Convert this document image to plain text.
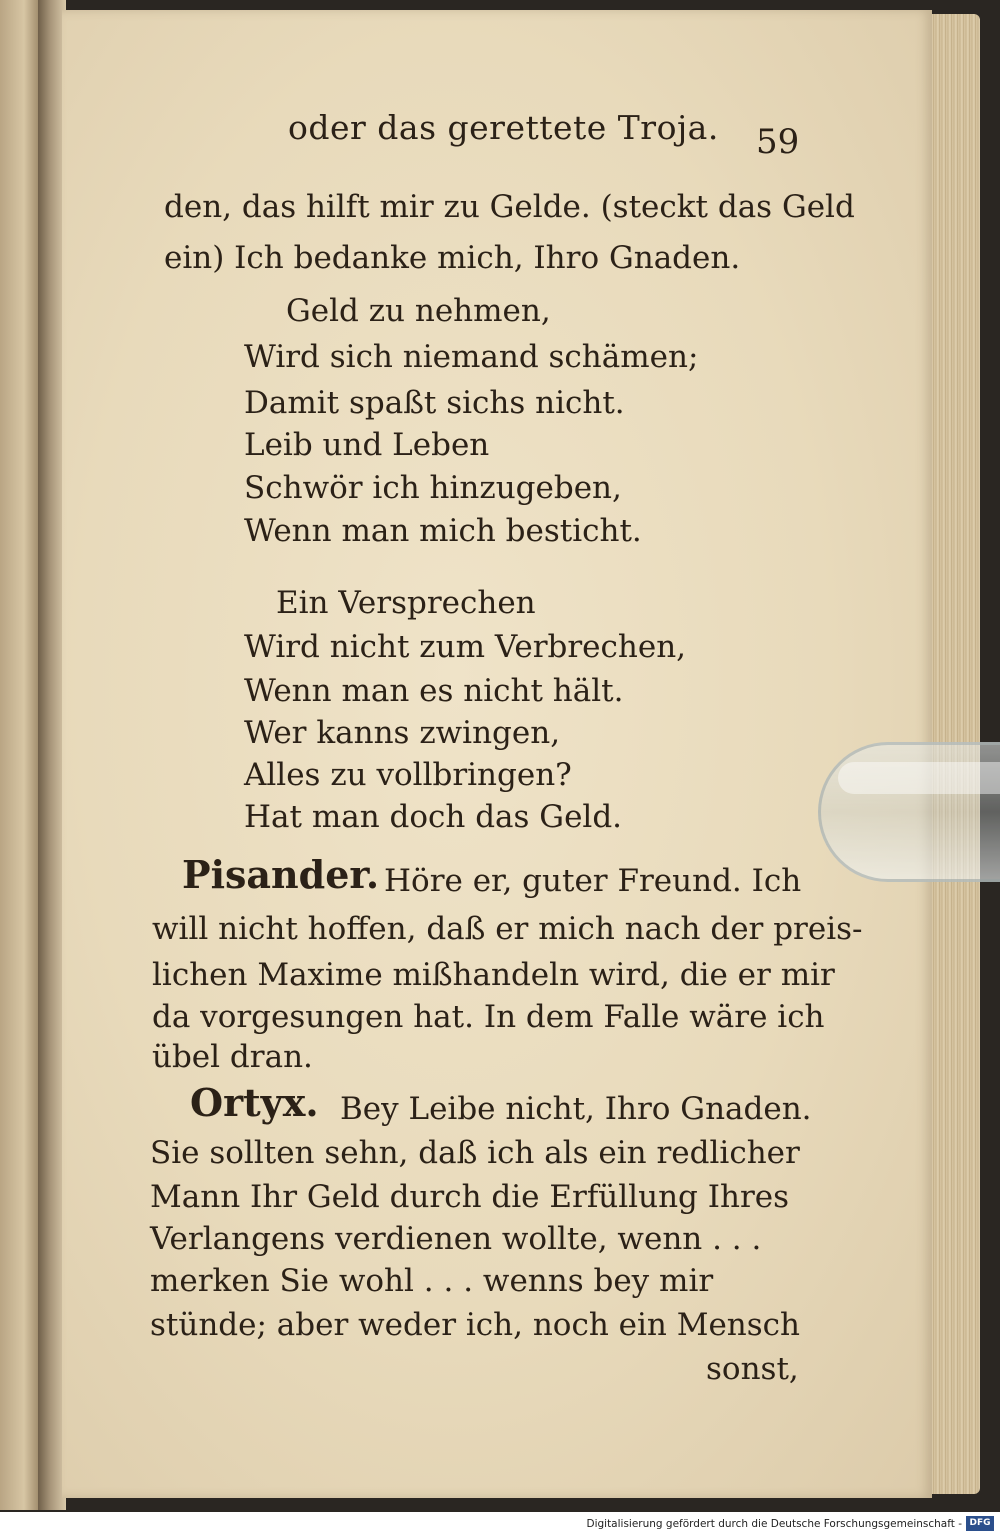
oder das gerettete Troja. 59
den, das hilft mir zu Gelde. (steckt das Geld
ein) Ich bedanke mich, Ihro Gnaden.
Geld zu nehmen,
Wird sich niemand schämen;
Damit spaßt sichs nicht.
Leib und Leben
Schwör ich hinzugeben,
Wenn man mich besticht.
Ein Versprechen
Wird nicht zum Verbrechen,
Wenn man es nicht hält.
Wer kanns zwingen,
Alles zu vollbringen?
Hat man doch das Geld.
Pisander. Höre er, guter Freund. Ich
will nicht hoffen, daß er mich nach der preis-
lichen Maxime mißhandeln wird, die er mir
da vorgesungen hat. In dem Falle wäre ich
übel dran.
Ortyx. Bey Leibe nicht, Ihro Gnaden.
Sie sollten sehn, daß ich als ein redlicher
Mann Ihr Geld durch die Erfüllung Ihres
Verlangens verdienen wollte, wenn . . .
merken Sie wohl . . . wenns bey mir
stünde; aber weder ich, noch ein Mensch
sonst,
Digitalisierung gefördert durch die Deutsche Forschungsgemeinschaft - DFG
